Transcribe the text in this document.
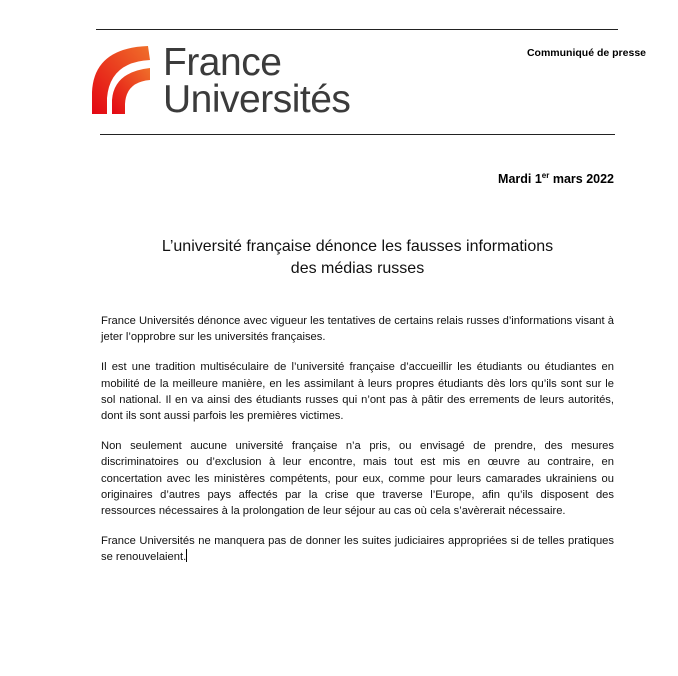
France
Universités
Communiqué de presse
Mardi 1er mars 2022
L’université française dénonce les fausses informations
des médias russes

France Universités dénonce avec vigueur les tentatives de certains relais russes d’informations visant à jeter l’opprobre sur les universités françaises.

Il est une tradition multiséculaire de l’université française d’accueillir les étudiants ou étudiantes en mobilité de la meilleure manière, en les assimilant à leurs propres étudiants dès lors qu’ils sont sur le sol national. Il en va ainsi des étudiants russes qui n’ont pas à pâtir des errements de leurs autorités, dont ils sont aussi parfois les premières victimes.

Non seulement aucune université française n’a pris, ou envisagé de prendre, des mesures discriminatoires ou d’exclusion à leur encontre, mais tout est mis en œuvre au contraire, en concertation avec les ministères compétents, pour eux, comme pour leurs camarades ukrainiens ou originaires d’autres pays affectés par la crise que traverse l’Europe, afin qu’ils disposent des ressources nécessaires à la prolongation de leur séjour au cas où cela s’avèrerait nécessaire.

France Universités ne manquera pas de donner les suites judiciaires appropriées si de telles pratiques se renouvelaient.
